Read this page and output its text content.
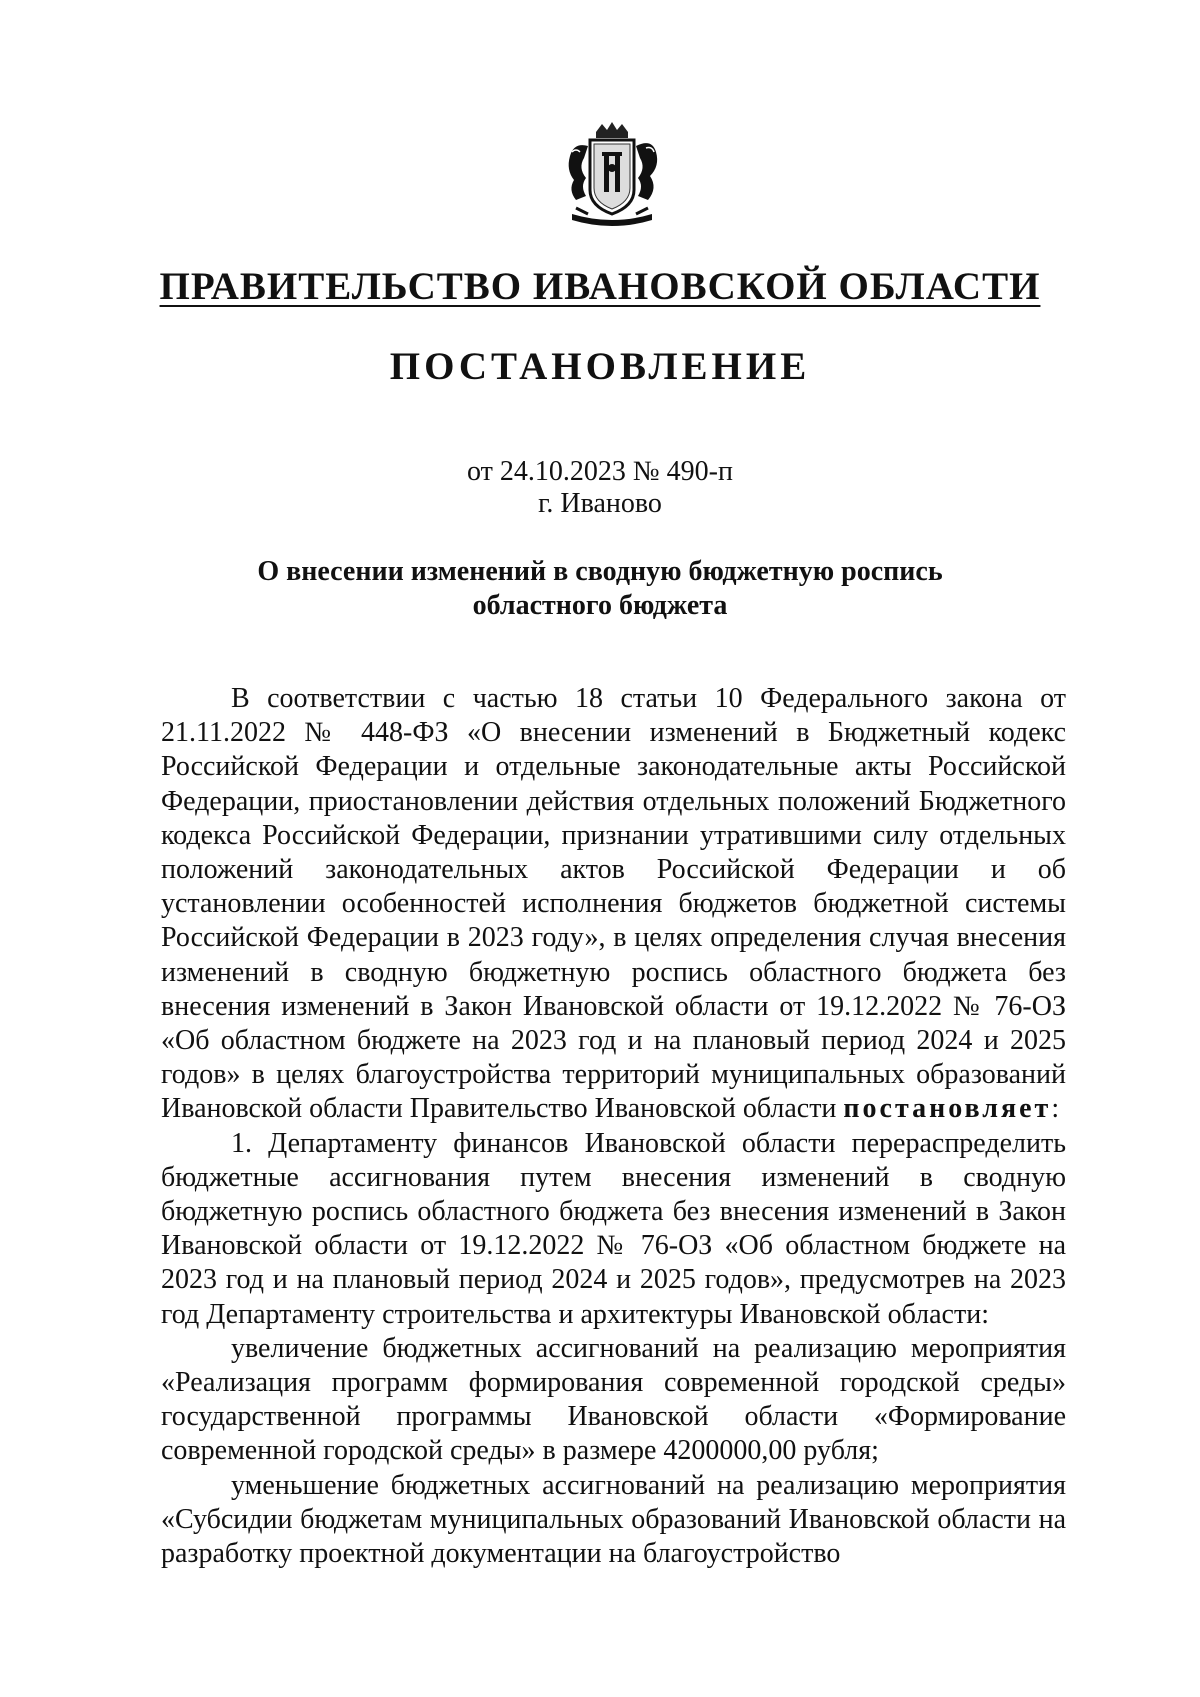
ПРАВИТЕЛЬСТВО ИВАНОВСКОЙ ОБЛАСТИ
ПОСТАНОВЛЕНИЕ
от 24.10.2023 № 490-п
г. Иваново
О внесении изменений в сводную бюджетную роспись
областного бюджета

В соответствии с частью 18 статьи 10 Федерального закона от 21.11.2022 № 448-ФЗ «О внесении изменений в Бюджетный кодекс Российской Федерации и отдельные законодательные акты Российской Федерации, приостановлении действия отдельных положений Бюджетного кодекса Российской Федерации, признании утратившими силу отдельных положений законодательных актов Российской Федерации и об установлении особенностей исполнения бюджетов бюджетной системы Российской Федерации в 2023 году», в целях определения случая внесения изменений в сводную бюджетную роспись областного бюджета без внесения изменений в Закон Ивановской области от 19.12.2022 № 76-ОЗ «Об областном бюджете на 2023 год и на плановый период 2024 и 2025 годов» в целях благоустройства территорий муниципальных образований Ивановской области Правительство Ивановской области постановляет:

1. Департаменту финансов Ивановской области перераспределить бюджетные ассигнования путем внесения изменений в сводную бюджетную роспись областного бюджета без внесения изменений в Закон Ивановской области от 19.12.2022 № 76-ОЗ «Об областном бюджете на 2023 год и на плановый период 2024 и 2025 годов», предусмотрев на 2023 год Департаменту строительства и архитектуры Ивановской области:

увеличение бюджетных ассигнований на реализацию мероприятия «Реализация программ формирования современной городской среды» государственной программы Ивановской области «Формирование современной городской среды» в размере 4200000,00 рубля;

уменьшение бюджетных ассигнований на реализацию мероприятия «Субсидии бюджетам муниципальных образований Ивановской области на разработку проектной документации на благоустройство
